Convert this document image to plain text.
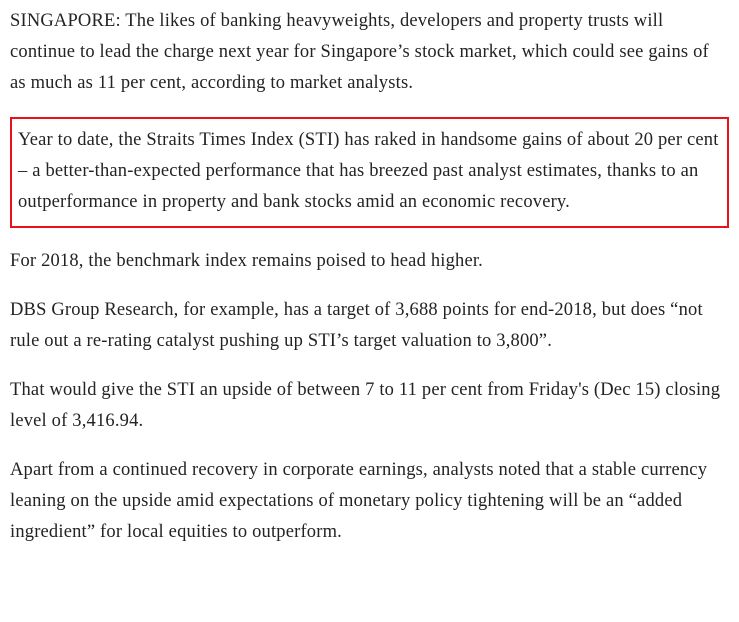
SINGAPORE: The likes of banking heavyweights, developers and property trusts will continue to lead the charge next year for Singapore’s stock market, which could see gains of as much as 11 per cent, according to market analysts.

Year to date, the Straits Times Index (STI) has raked in handsome gains of about 20 per cent – a better-than-expected performance that has breezed past analyst estimates, thanks to an outperformance in property and bank stocks amid an economic recovery.

For 2018, the benchmark index remains poised to head higher.

DBS Group Research, for example, has a target of 3,688 points for end-2018, but does “not rule out a re-rating catalyst pushing up STI’s target valuation to 3,800”.

That would give the STI an upside of between 7 to 11 per cent from Friday's (Dec 15) closing level of 3,416.94.

Apart from a continued recovery in corporate earnings, analysts noted that a stable currency leaning on the upside amid expectations of monetary policy tightening will be an “added ingredient” for local equities to outperform.
